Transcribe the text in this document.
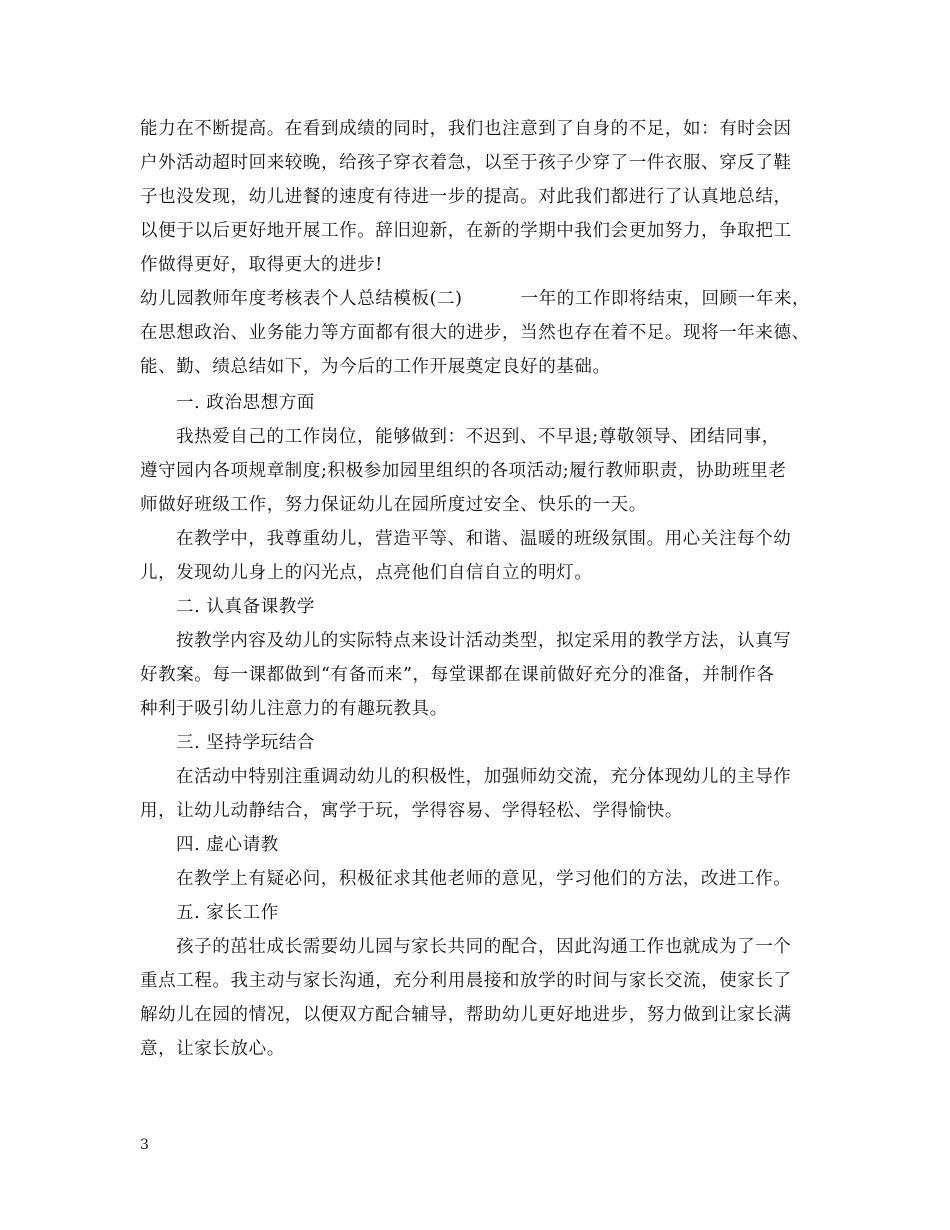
能力在不断提高。在看到成绩的同时，我们也注意到了自身的不足，如：有时会因
户外活动超时回来较晚，给孩子穿衣着急，以至于孩子少穿了一件衣服、穿反了鞋
子也没发现，幼儿进餐的速度有待进一步的提高。对此我们都进行了认真地总结，
以便于以后更好地开展工作。辞旧迎新，在新的学期中我们会更加努力，争取把工
作做得更好，取得更大的进步!
幼儿园教师年度考核表个人总结模板(二)	一年的工作即将结束，回顾一年来，
在思想政治、业务能力等方面都有很大的进步，当然也存在着不足。现将一年来德、
能、勤、绩总结如下，为今后的工作开展奠定良好的基础。
一. 政治思想方面
我热爱自己的工作岗位，能够做到：不迟到、不早退;尊敬领导、团结同事，
遵守园内各项规章制度;积极参加园里组织的各项活动;履行教师职责，协助班里老
师做好班级工作，努力保证幼儿在园所度过安全、快乐的一天。
在教学中，我尊重幼儿，营造平等、和谐、温暖的班级氛围。用心关注每个幼
儿，发现幼儿身上的闪光点，点亮他们自信自立的明灯。
二. 认真备课教学
按教学内容及幼儿的实际特点来设计活动类型，拟定采用的教学方法，认真写
好教案。每一课都做到“有备而来”，每堂课都在课前做好充分的准备，并制作各
种利于吸引幼儿注意力的有趣玩教具。
三. 坚持学玩结合
在活动中特别注重调动幼儿的积极性，加强师幼交流，充分体现幼儿的主导作
用，让幼儿动静结合，寓学于玩，学得容易、学得轻松、学得愉快。
四. 虚心请教
在教学上有疑必问，积极征求其他老师的意见，学习他们的方法，改进工作。
五. 家长工作
孩子的茁壮成长需要幼儿园与家长共同的配合，因此沟通工作也就成为了一个
重点工程。我主动与家长沟通，充分利用晨接和放学的时间与家长交流，使家长了
解幼儿在园的情况，以便双方配合辅导，帮助幼儿更好地进步，努力做到让家长满
意，让家长放心。
3
